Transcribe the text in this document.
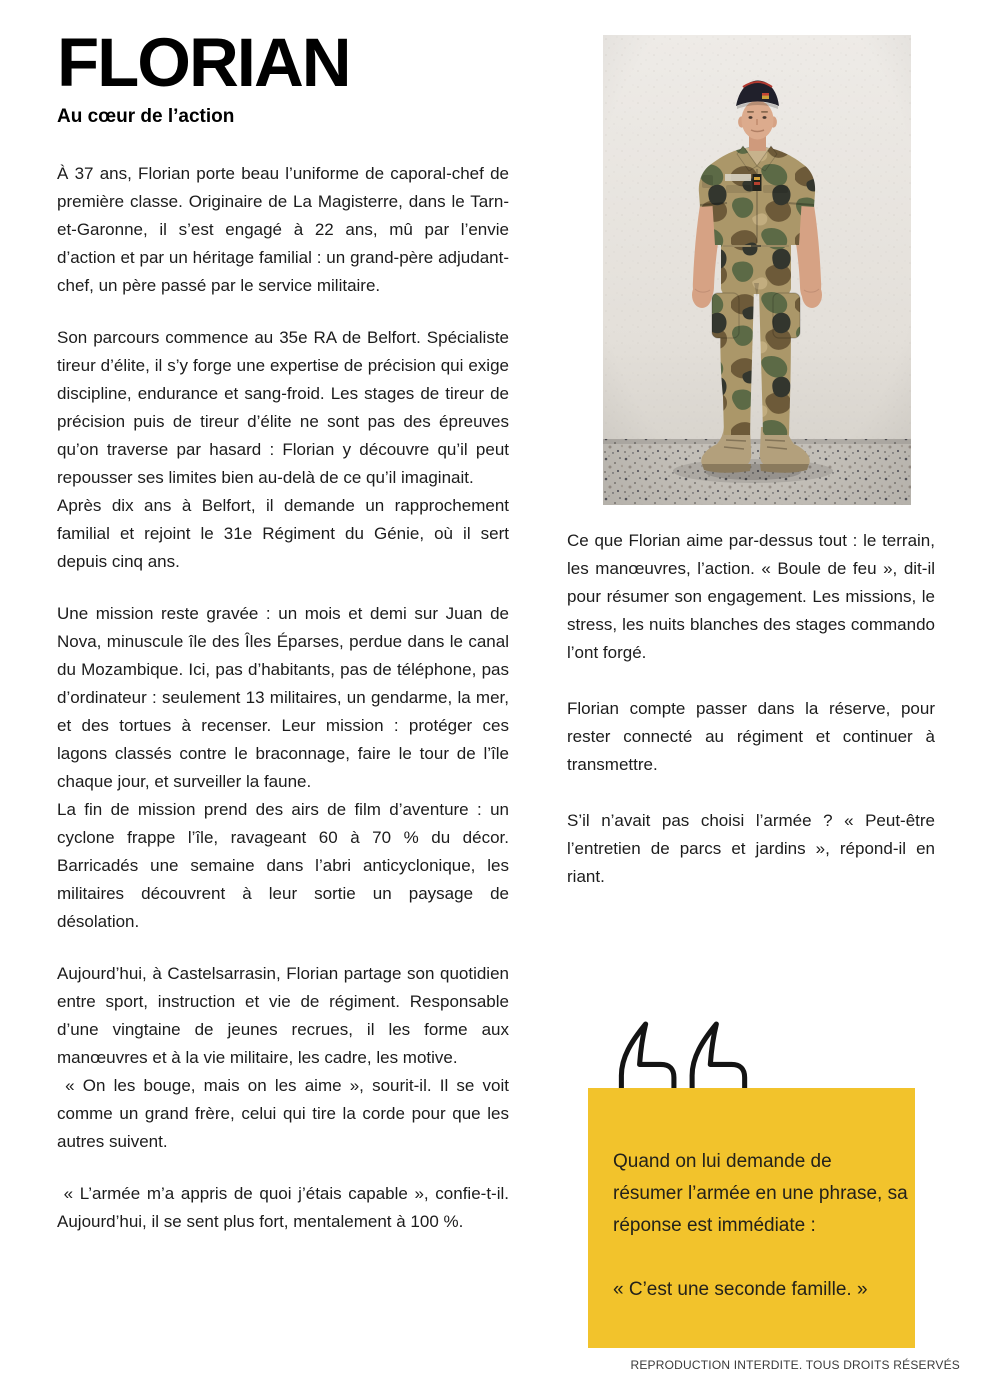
FLORIAN
Au cœur de l’action

À 37 ans, Florian porte beau l’uniforme de caporal-chef de première classe. Originaire de La Magisterre, dans le Tarn-et-Garonne, il s’est engagé à 22 ans, mû par l’envie d’action et par un héritage familial : un grand-père adjudant-chef, un père passé par le service militaire.

Son parcours commence au 35e RA de Belfort. Spécialiste tireur d’élite, il s’y forge une expertise de précision qui exige discipline, endurance et sang-froid. Les stages de tireur de précision puis de tireur d’élite ne sont pas des épreuves qu’on traverse par hasard : Florian y découvre qu’il peut repousser ses limites bien au-delà de ce qu’il imaginait.

Après dix ans à Belfort, il demande un rapprochement familial et rejoint le 31e Régiment du Génie, où il sert depuis cinq ans.

Une mission reste gravée : un mois et demi sur Juan de Nova, minuscule île des Îles Éparses, perdue dans le canal du Mozambique. Ici, pas d’habitants, pas de téléphone, pas d’ordinateur : seulement 13 militaires, un gendarme, la mer, et des tortues à recenser. Leur mission : protéger ces lagons classés contre le braconnage, faire le tour de l’île chaque jour, et surveiller la faune.

La fin de mission prend des airs de film d’aventure : un cyclone frappe l’île, ravageant 60 à 70 % du décor. Barricadés une semaine dans l’abri anticyclonique, les militaires découvrent à leur sortie un paysage de désolation.

Aujourd’hui, à Castelsarrasin, Florian partage son quotidien entre sport, instruction et vie de régiment. Responsable d’une vingtaine de jeunes recrues, il les forme aux manœuvres et à la vie militaire, les cadre, les motive.

« On les bouge, mais on les aime », sourit-il. Il se voit comme un grand frère, celui qui tire la corde pour que les autres suivent.

« L’armée m’a appris de quoi j’étais capable », confie-t-il. Aujourd’hui, il se sent plus fort, mentalement à 100 %.

Ce que Florian aime par-dessus tout : le terrain, les manœuvres, l’action. « Boule de feu », dit-il pour résumer son engagement. Les missions, le stress, les nuits blanches des stages commando l’ont forgé.

Florian compte passer dans la réserve, pour rester connecté au régiment et continuer à transmettre.

S’il n’avait pas choisi l’armée ? « Peut-être l’entretien de parcs et jardins », répond-il en riant.

Quand on lui demande de
résumer l’armée en une phrase, sa
réponse est immédiate :
« C’est une seconde famille. »
REPRODUCTION INTERDITE. TOUS DROITS RÉSERVÉS
